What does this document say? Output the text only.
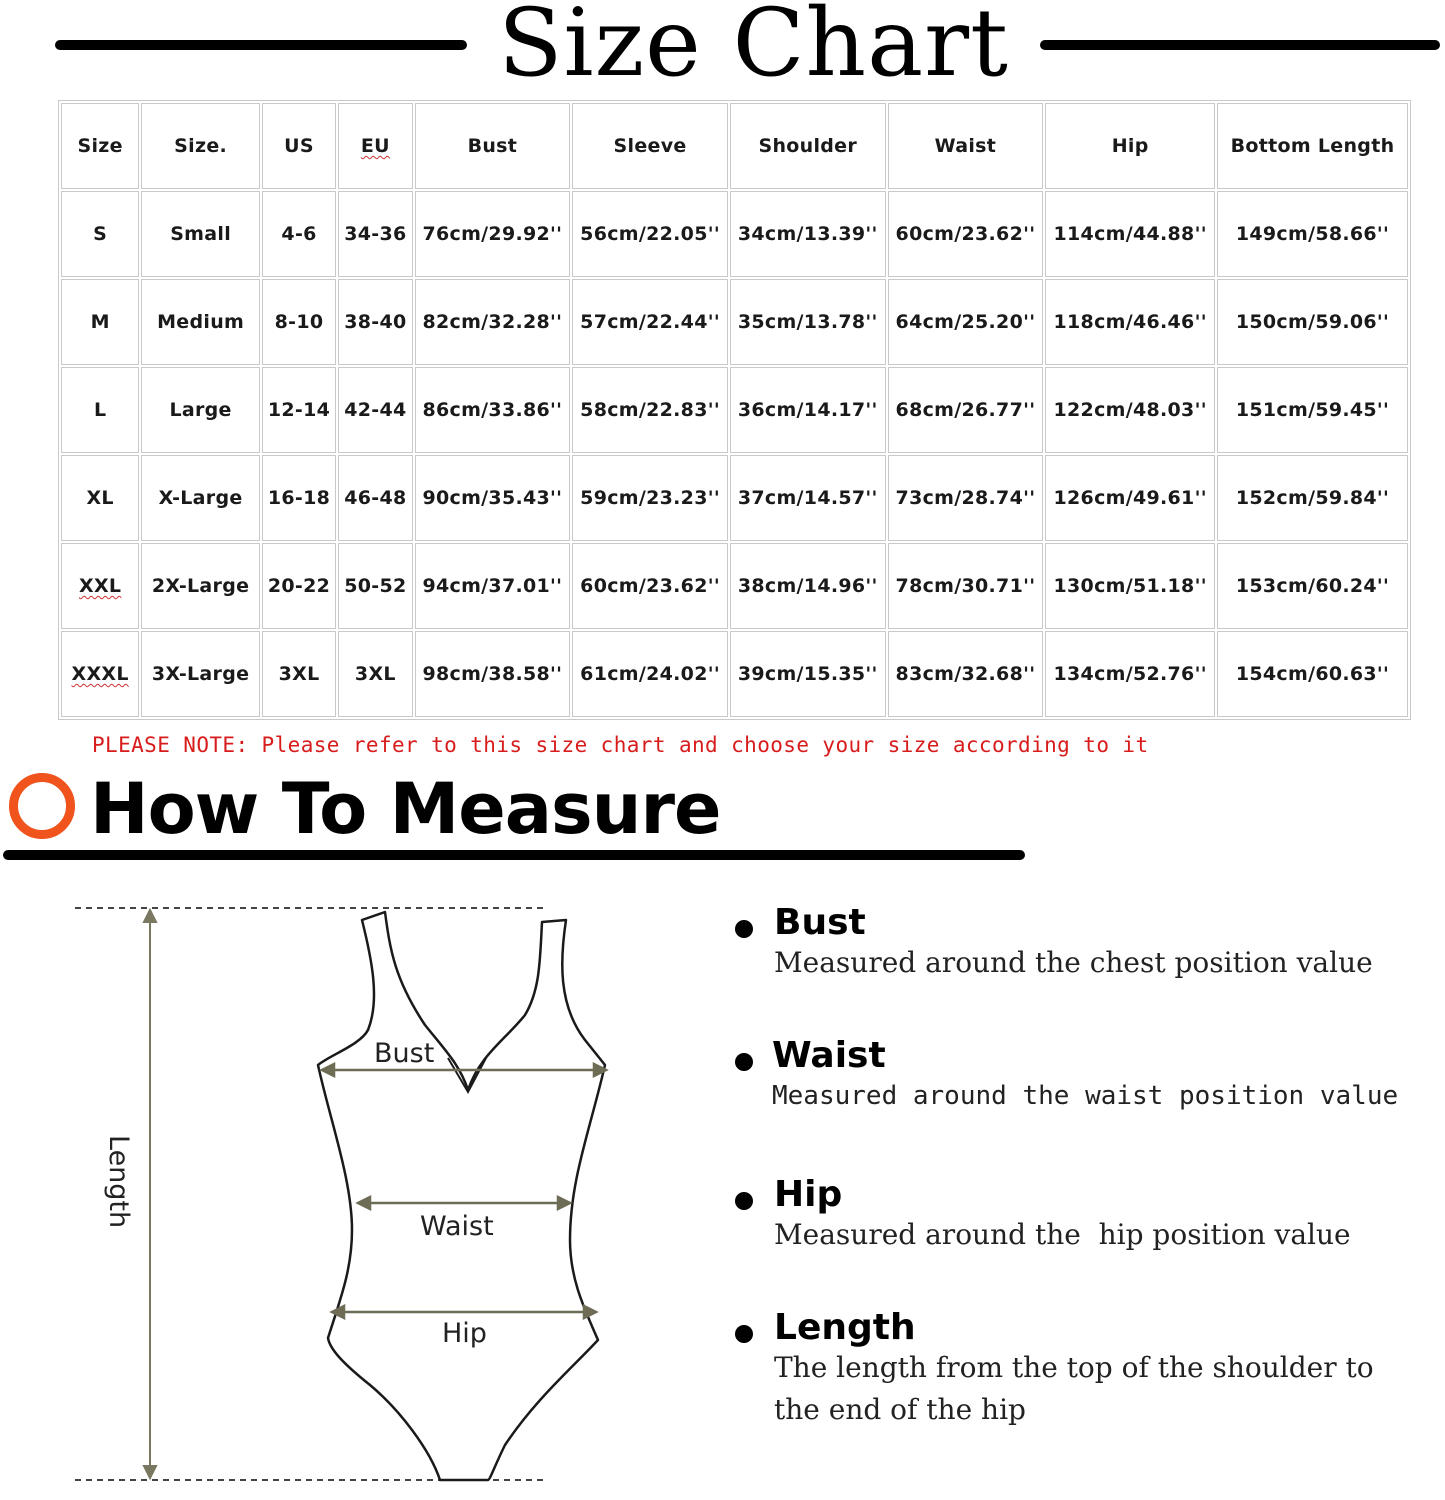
Size Chart
Size	Size.	US	EU	Bust	Sleeve	Shoulder	Waist	Hip	Bottom Length
S	Small	4-6	34-36	76cm/29.92''	56cm/22.05''	34cm/13.39''	60cm/23.62''	114cm/44.88''	149cm/58.66''
M	Medium	8-10	38-40	82cm/32.28''	57cm/22.44''	35cm/13.78''	64cm/25.20''	118cm/46.46''	150cm/59.06''
L	Large	12-14	42-44	86cm/33.86''	58cm/22.83''	36cm/14.17''	68cm/26.77''	122cm/48.03''	151cm/59.45''
XL	X-Large	16-18	46-48	90cm/35.43''	59cm/23.23''	37cm/14.57''	73cm/28.74''	126cm/49.61''	152cm/59.84''
XXL	2X-Large	20-22	50-52	94cm/37.01''	60cm/23.62''	38cm/14.96''	78cm/30.71''	130cm/51.18''	153cm/60.24''
XXXL	3X-Large	3XL	3XL	98cm/38.58''	61cm/24.02''	39cm/15.35''	83cm/32.68''	134cm/52.76''	154cm/60.63''
PLEASE NOTE: Please refer to this size chart and choose your size according to it
How To Measure
Length
Bust
Waist
Hip
Bust
Measured around the chest position value
Waist
Measured around the waist position value
Hip
Measured around the  hip position value
Length
The length from the top of the shoulder to the end of the hip
